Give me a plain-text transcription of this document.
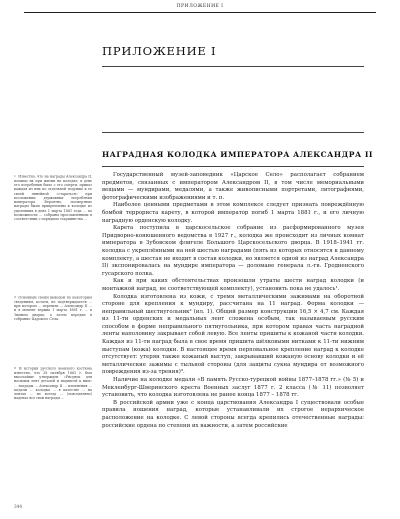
ПРИЛОЖЕНИЕ I
ПРИЛОЖЕНИЕ I
НАГРАДНАЯ КОЛОДКА ИМПЕРАТОРА АЛЕКСАНДРА II

1 Известно, что на награды Александра II, помимо их при жизни на колодке, в день его погребения было с его смерти, приказ каждая из них по отдельной подушке к ее своей линейной «стараться» при возложении державных погребения императора. Вероятно, посмертные награды были прикреплены к колодке из уцелевших в день 1 марта 1881 года ... по возможности ... собраны прославленным в соответствии с порядком старшинства ...

2 Основным своим выводом по некоторым сведениям, кстати, не подтверждается ... при котором ... перешли ... Александр II ... и в момент взрыва 1 марта 1881 г. ... в Зимнем дворце, а затем передан в собрание Царского Села.

3 В истории русского военного костюма известно, что 28 октября 1862 г. был высочайше утвержден «Рисунок для носимых лент деталей и надписей к ним» ... награды ... Александр II ... изменения ... медали ... колодка ... в качестве ... на лентах ... не всегда ... (повседневно) надевал все свои награды ...

Государственный музей-заповедник «Царское Село» располагает собранием предметов, связанных с императором Александром II, в том числе мемориальными вещами — мундирами, медалями, а также живописными портретами, литографиями, фотографическими изображениями и т. п.

Наиболее ценными предметами в этом комплексе следует признать повреждённую бомбой террориста карету, в которой император погиб 1 марта 1881 г., и его личную наградную орденскую колодку.

Карета поступила в царскосельское собрание из расформированного музея Придворно-конюшенного ведомства в 1927 г., колодка же происходит из личных комнат императора в Зубовском флигеле Большого Царскосельского дворца. В 1918–1941 гг. колодка с укреплёнными на ней шестью наградами (пять из которых относятся к данному комплекту, а шестая не входит в состав колодки, но является одной из наград Александра II) экспонировалась на мундире императора — доломане генерала л.-гв. Гродненского гусарского полка.

Как и при каких обстоятельствах произошли утраты шести наград колодки (и монтажной наград, не соответствующей комплекту), установить пока не удалось¹.

Колодка изготовлена из кожи, с тремя металлическими зажимами на оборотной стороне для крепления к мундиру, рассчитана на 11 наград. Форма колодки — неправильный шестиугольник² (ил. 1). Общий размер конструкции 16,5 × 4,7 см. Каждая из 11-ти орденских и медальных лент сложена особым, так называемым русским способом в форме неправильного пятиугольника, при котором правая часть наградной ленты наполовину закрывает собой левую. Все ленты пришиты к кожаной части колодки. Каждая из 11-ти наград была в свое время пришита шёлковыми нитками к 11-ти нижним выступам (кожа) колодки. В настоящее время перповальное крепление наград к колодке отсутствует: утерян также кожаный выступ, закрывавший кожаную основу колодки и её металлические зажимы с тыльной стороны (для защиты сукна мундира от возможного повреждения из-за трения)³.

Наличие на колодке медали «В память Русско-турецкой войны 1877–1878 гг.» (№ 5) и Мекленбург-Шверинского креста Военных заслуг 1877 г. 2 класса (№ 11) позволяет установить, что колодка изготовлена не ранее конца 1877 – 1878 гг.

В российской армии уже с конца царствования Александра I существовали особые правила ношения наград, которые устанавливали их строгое иерархическое расположение на колодке. С левой стороны всегда крепились отечественные награды: российские ордена по степени их важности, а затем российские

344
